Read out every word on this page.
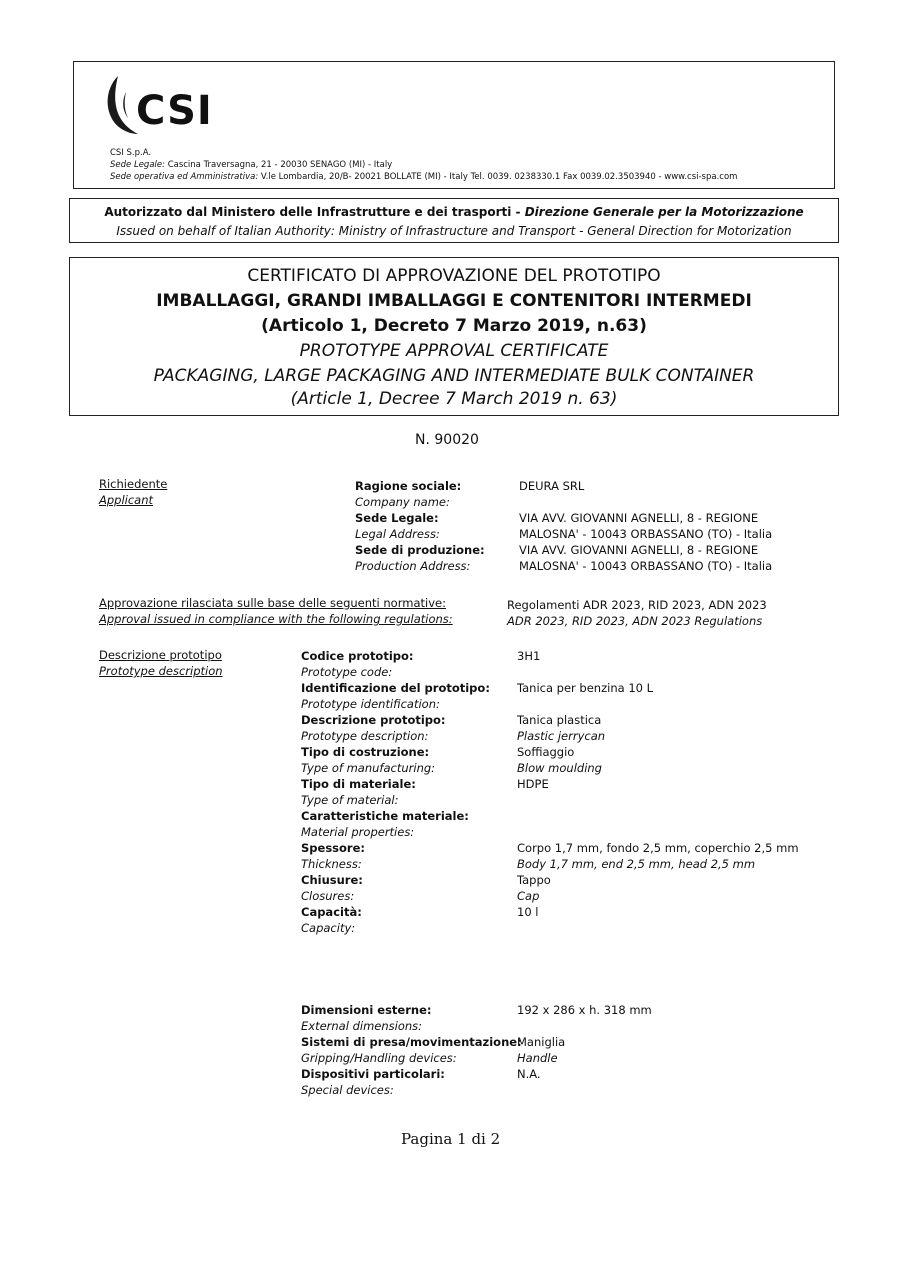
CSI
CSI S.p.A.
Sede Legale: Cascina Traversagna, 21 - 20030 SENAGO (MI) - Italy
Sede operativa ed Amministrativa: V.le Lombardia, 20/B- 20021 BOLLATE (MI) - Italy Tel. 0039. 0238330.1 Fax 0039.02.3503940 - www.csi-spa.com
Autorizzato dal Ministero delle Infrastrutture e dei trasporti - Direzione Generale per la Motorizzazione
Issued on behalf of Italian Authority: Ministry of Infrastructure and Transport - General Direction for Motorization
CERTIFICATO DI APPROVAZIONE DEL PROTOTIPO
IMBALLAGGI, GRANDI IMBALLAGGI E CONTENITORI INTERMEDI
(Articolo 1, Decreto 7 Marzo 2019, n.63)
PROTOTYPE APPROVAL CERTIFICATE
PACKAGING, LARGE PACKAGING AND INTERMEDIATE BULK CONTAINER
(Article 1, Decree 7 March 2019 n. 63)
N. 90020
Richiedente
Applicant
Ragione sociale:
Company name:
Sede Legale:
Legal Address:
Sede di produzione:
Production Address:
DEURA SRL
VIA AVV. GIOVANNI AGNELLI, 8 - REGIONE
MALOSNA' - 10043 ORBASSANO (TO) - Italia
VIA AVV. GIOVANNI AGNELLI, 8 - REGIONE
MALOSNA' - 10043 ORBASSANO (TO) - Italia
Approvazione rilasciata sulle base delle seguenti normative:
Approval issued in compliance with the following regulations:
Regolamenti ADR 2023, RID 2023, ADN 2023
ADR 2023, RID 2023, ADN 2023 Regulations
Descrizione prototipo
Prototype description
Codice prototipo:
Prototype code:
Identificazione del prototipo:
Prototype identification:
Descrizione prototipo:
Prototype description:
Tipo di costruzione:
Type of manufacturing:
Tipo di materiale:
Type of material:
Caratteristiche materiale:
Material properties:
Spessore:
Thickness:
Chiusure:
Closures:
Capacità:
Capacity:
3H1
Tanica per benzina 10 L
Tanica plastica
Plastic jerrycan
Soffiaggio
Blow moulding
HDPE
Corpo 1,7 mm, fondo 2,5 mm, coperchio 2,5 mm
Body 1,7 mm, end 2,5 mm, head 2,5 mm
Tappo
Cap
10 l
Dimensioni esterne:
External dimensions:
Sistemi di presa/movimentazione:
Gripping/Handling devices:
Dispositivi particolari:
Special devices:
192 x 286 x h. 318 mm
Maniglia
Handle
N.A.
Pagina 1 di 2
